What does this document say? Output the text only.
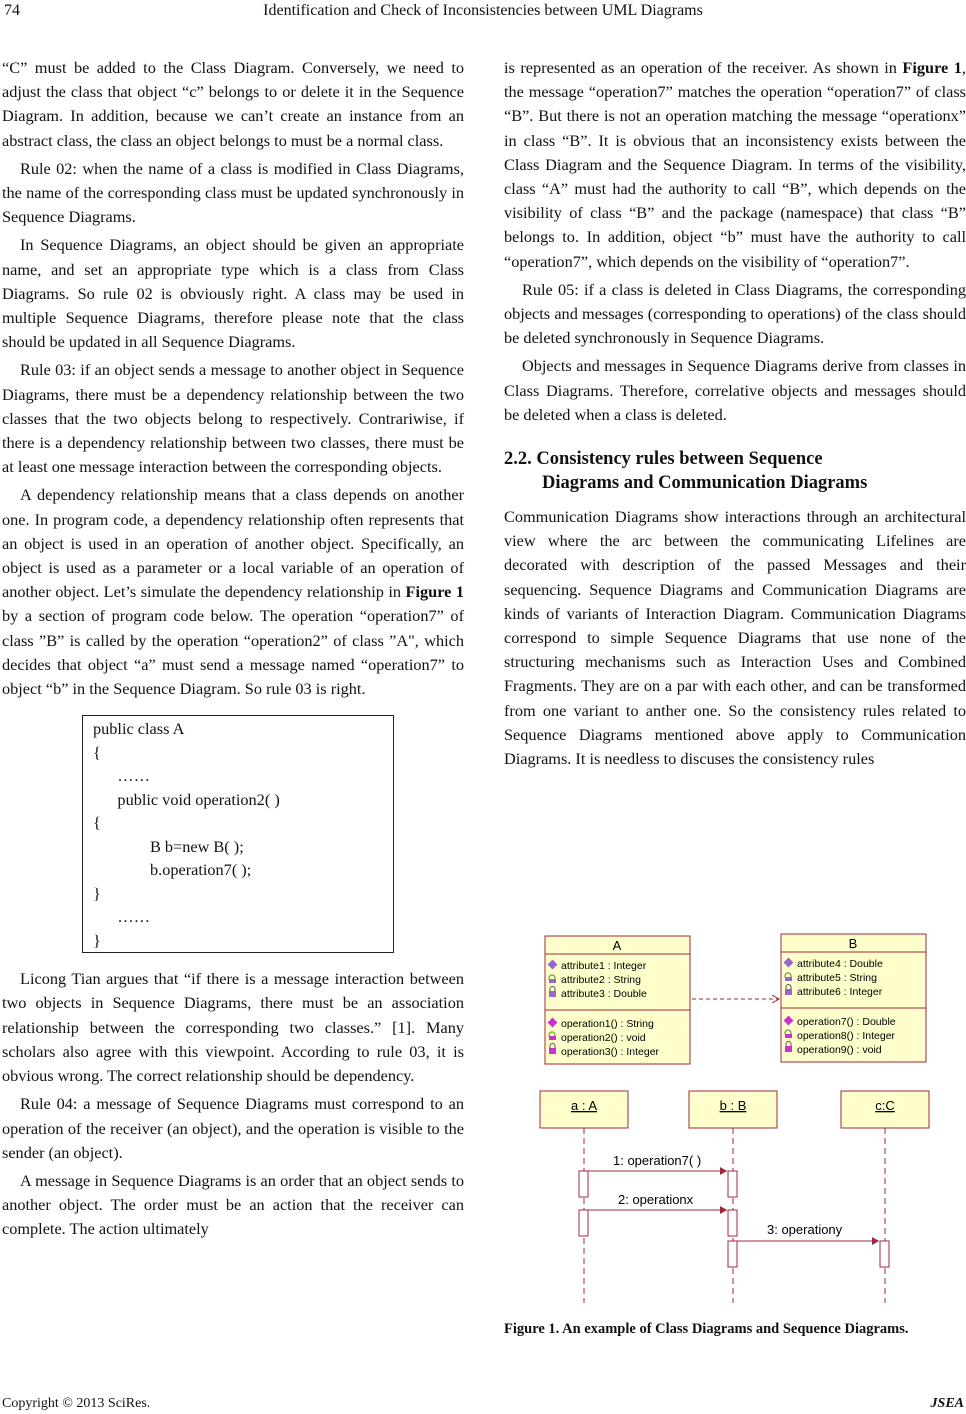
74	Identification and Check of Inconsistencies between UML Diagrams

“C” must be added to the Class Diagram. Conversely, we need to adjust the class that object “c” belongs to or delete it in the Sequence Diagram. In addition, because we can’t create an instance from an abstract class, the class an object belongs to must be a normal class.

Rule 02: when the name of a class is modified in Class Diagrams, the name of the corresponding class must be updated synchronously in Sequence Diagrams.

In Sequence Diagrams, an object should be given an appropriate name, and set an appropriate type which is a class from Class Diagrams. So rule 02 is obviously right. A class may be used in multiple Sequence Diagrams, therefore please note that the class should be updated in all Sequence Diagrams.

Rule 03: if an object sends a message to another object in Sequence Diagrams, there must be a dependency relationship between the two classes that the two objects belong to respectively. Contrariwise, if there is a dependency relationship between two classes, there must be at least one message interaction between the corresponding objects.

A dependency relationship means that a class depends on another one. In program code, a dependency relationship often represents that an object is used in an operation of another object. Specifically, an object is used as a parameter or a local variable of an operation of another object. Let’s simulate the dependency relationship in Figure 1 by a section of program code below. The operation “operation7” of class ”B” is called by the operation “operation2” of class ”A", which decides that object “a” must send a message named “operation7” to object “b” in the Sequence Diagram. So rule 03 is right.

public class A
{
……
public void operation2( )
{
B b=new B( );
b.operation7( );
}
……
}

Licong Tian argues that “if there is a message interaction between two objects in Sequence Diagrams, there must be an association relationship between the corresponding two classes.” [1]. Many scholars also agree with this viewpoint. According to rule 03, it is obvious wrong. The correct relationship should be dependency.

Rule 04: a message of Sequence Diagrams must correspond to an operation of the receiver (an object), and the operation is visible to the sender (an object).

A message in Sequence Diagrams is an order that an object sends to another object. The order must be an action that the receiver can complete. The action ultimately

is represented as an operation of the receiver. As shown in Figure 1, the message “operation7” matches the operation “operation7” of class “B”. But there is not an operation matching the message “operationx” in class “B”. It is obvious that an inconsistency exists between the Class Diagram and the Sequence Diagram. In terms of the visibility, class “A” must had the authority to call “B”, which depends on the visibility of class “B” and the package (namespace) that class “B” belongs to. In addition, object “b” must have the authority to call “operation7”, which depends on the visibility of “operation7”.

Rule 05: if a class is deleted in Class Diagrams, the corresponding objects and messages (corresponding to operations) of the class should be deleted synchronously in Sequence Diagrams.

Objects and messages in Sequence Diagrams derive from classes in Class Diagrams. Therefore, correlative objects and messages should be deleted when a class is deleted.

2.2. Consistency rules between Sequence
Diagrams and Communication Diagrams

Communication Diagrams show interactions through an architectural view where the arc between the communicating Lifelines are decorated with description of the passed Messages and their sequencing. Sequence Diagrams and Communication Diagrams are kinds of variants of Interaction Diagram. Communication Diagrams correspond to simple Sequence Diagrams that use none of the structuring mechanisms such as Interaction Uses and Combined Fragments. They are on a par with each other, and can be transformed from one variant to anther one. So the consistency rules related to Sequence Diagrams mentioned above apply to Communication Diagrams. It is needless to discuses the consistency rules

A
attribute1 : Integer
attribute2 : String
attribute3 : Double
operation1() : String
operation2() : void
operation3() : Integer
B
attribute4 : Double
attribute5 : String
attribute6 : Integer
operation7() : Double
operation8() : Integer
operation9() : void
a : A	b : B	c:C
1: operation7( )
2: operationx
3: operationy
Figure 1. An example of Class Diagrams and Sequence Diagrams.
Copyright © 2013 SciRes.	JSEA
